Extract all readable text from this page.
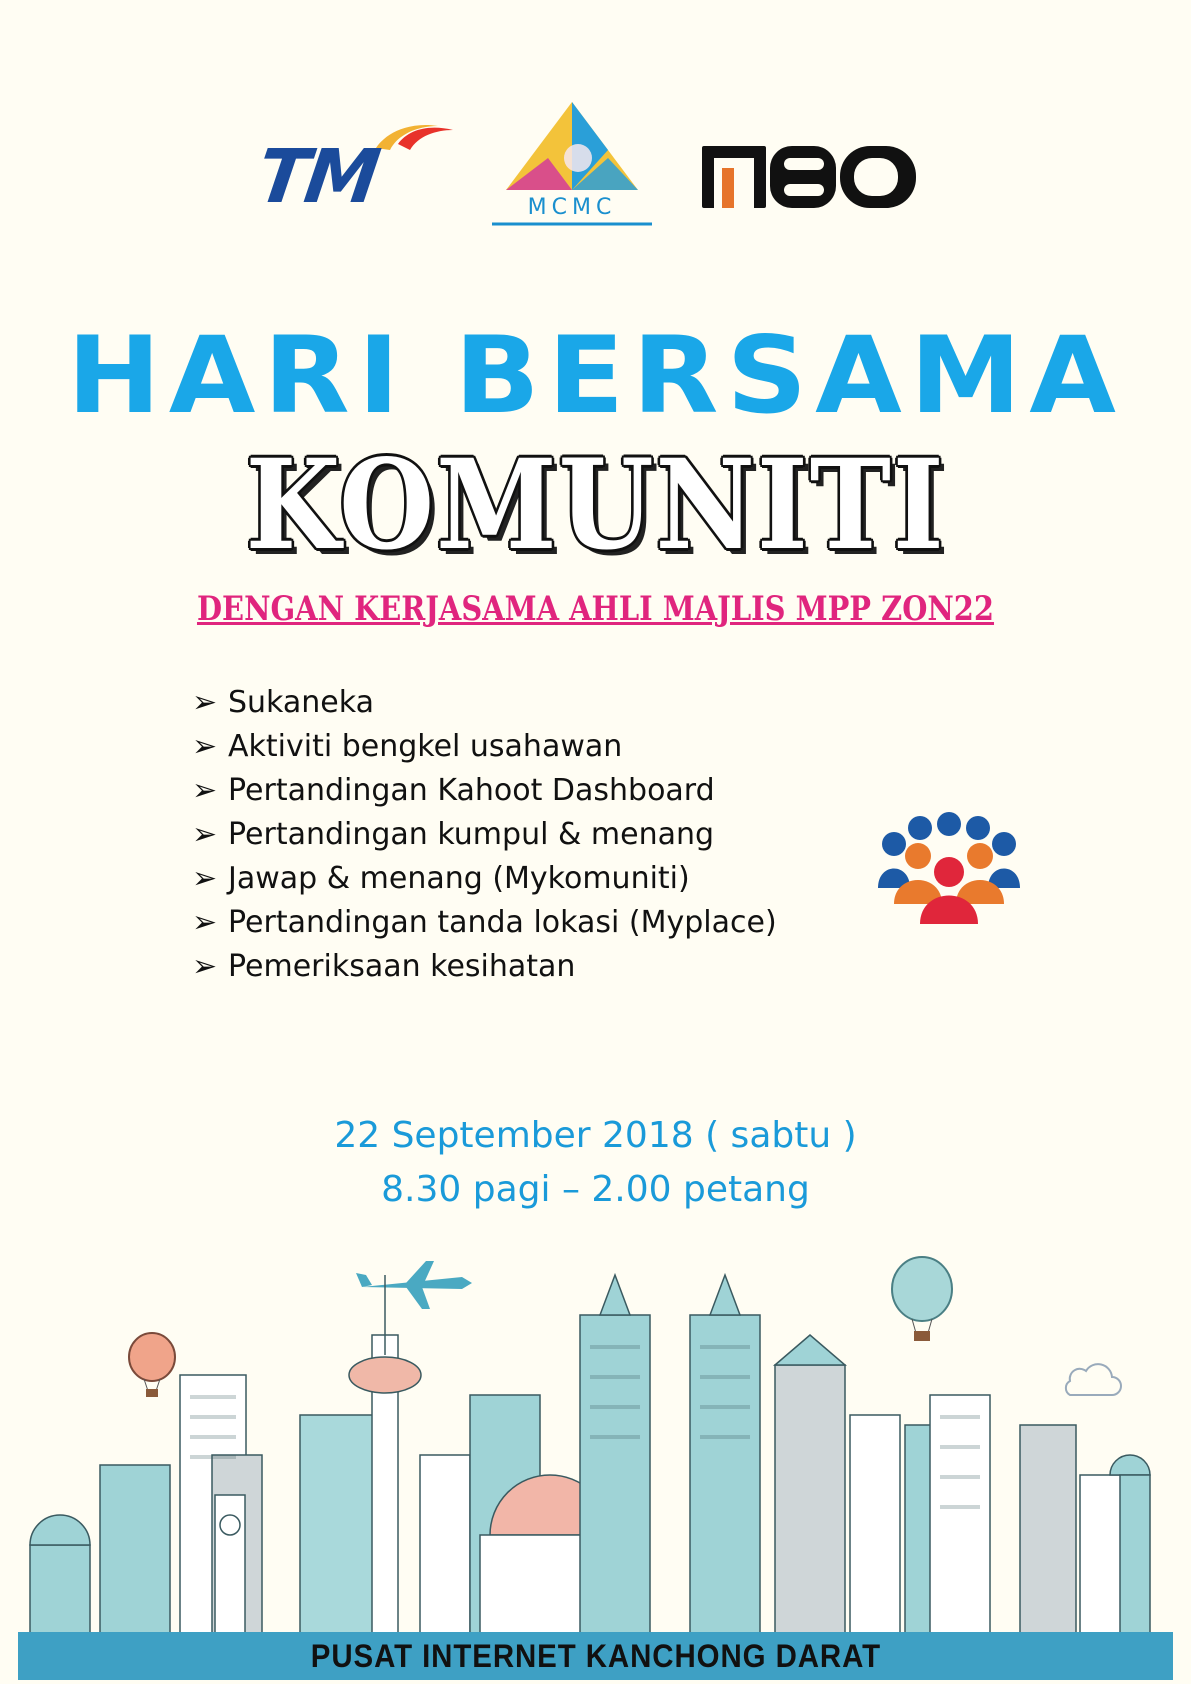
TM	MCMC
HARI BERSAMA
KOMUNITI
DENGAN KERJASAMA AHLI MAJLIS MPP ZON22
➢ Sukaneka
➢ Aktiviti bengkel usahawan
➢ Pertandingan Kahoot Dashboard
➢ Pertandingan kumpul & menang
➢ Jawap & menang (Mykomuniti)
➢ Pertandingan tanda lokasi (Myplace)
➢ Pemeriksaan kesihatan
22 September 2018 ( sabtu )
8.30 pagi – 2.00 petang
PUSAT INTERNET KANCHONG DARAT
